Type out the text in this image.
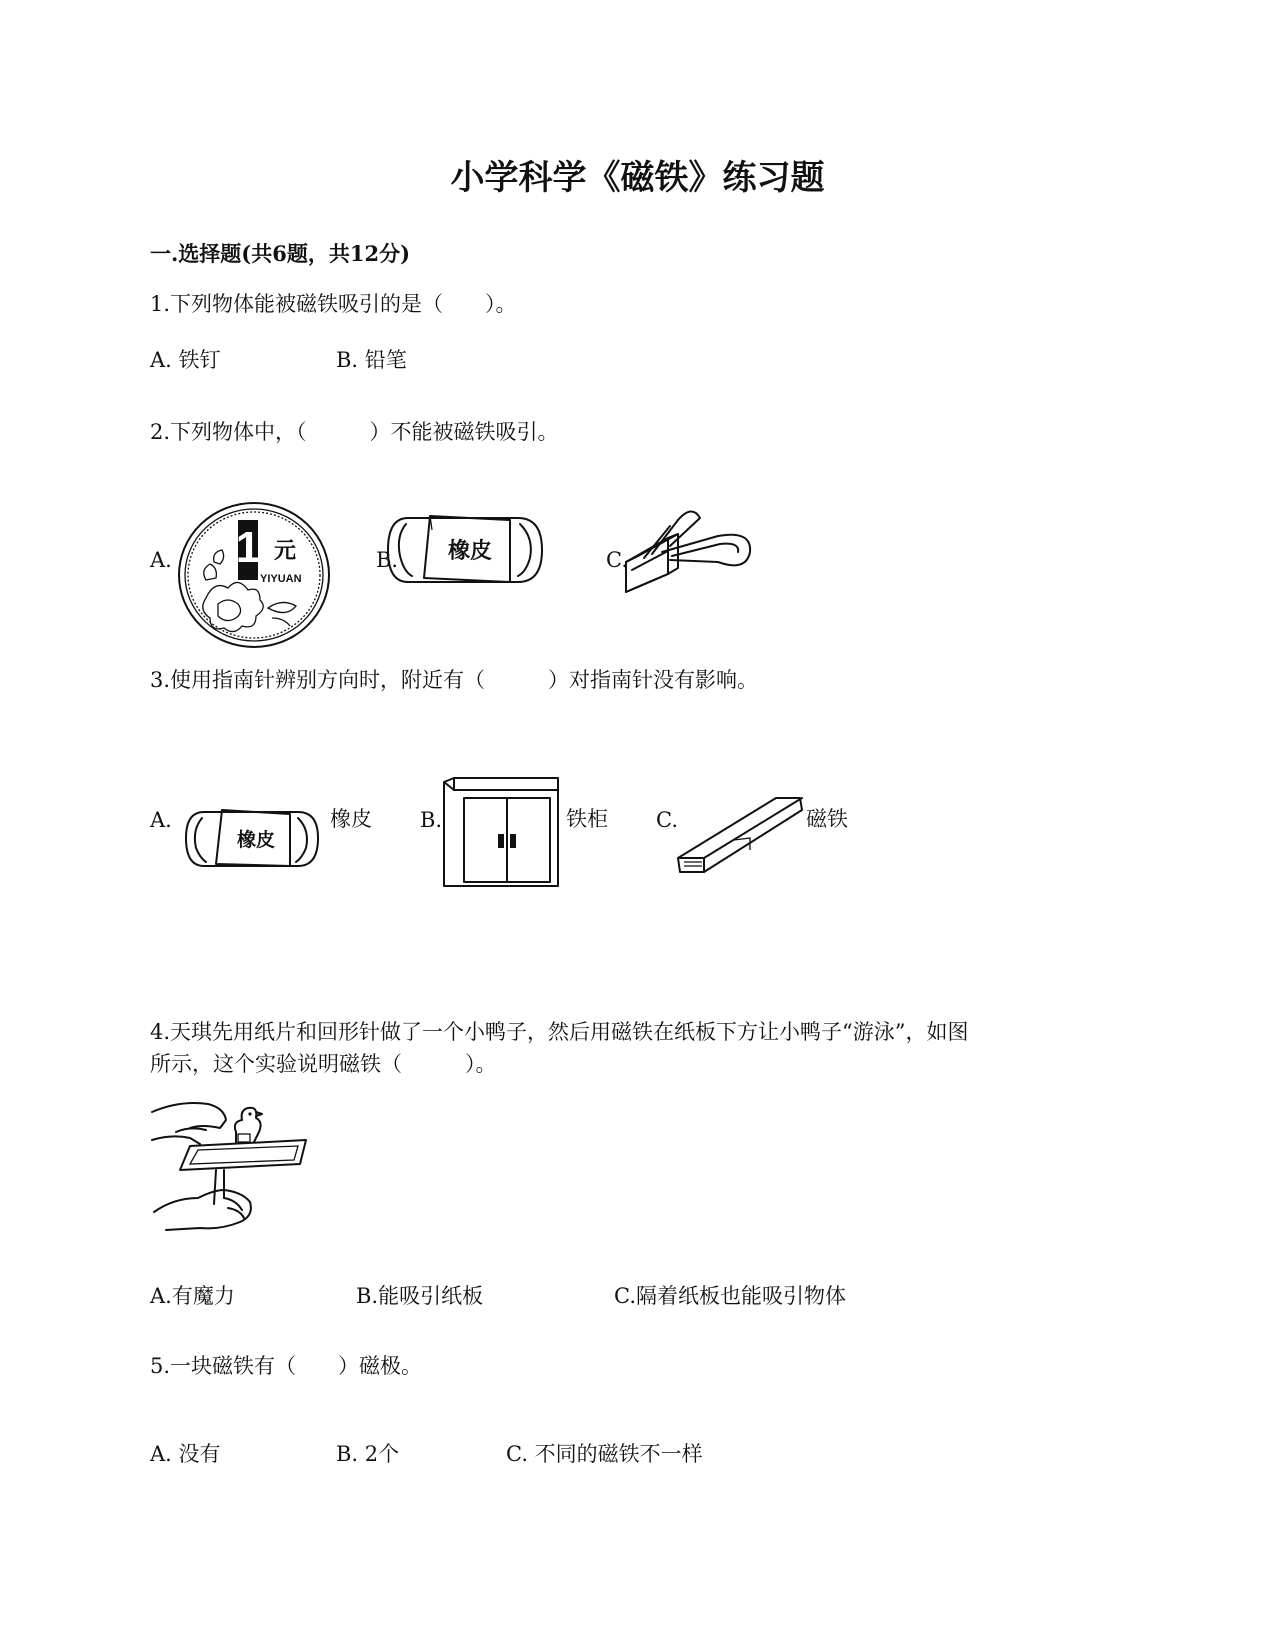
小学科学《磁铁》练习题
一.选择题(共6题，共12分)
1.下列物体能被磁铁吸引的是（　　）。
A. 铁钉	B. 铅笔
2.下列物体中，（　　　）不能被磁铁吸引。
A.	B.	C.
1 元
YIYUAN
橡皮
3.使用指南针辨别方向时，附近有（　　　）对指南针没有影响。
A.	橡皮 B.	铁柜 C.	磁铁
橡皮
4.天琪先用纸片和回形针做了一个小鸭子，然后用磁铁在纸板下方让小鸭子“游泳”，如图
所示，这个实验说明磁铁（　　　）。
A.有魔力	B.能吸引纸板	C.隔着纸板也能吸引物体
5.一块磁铁有（　　）磁极。
A. 没有	B. 2个	C. 不同的磁铁不一样
